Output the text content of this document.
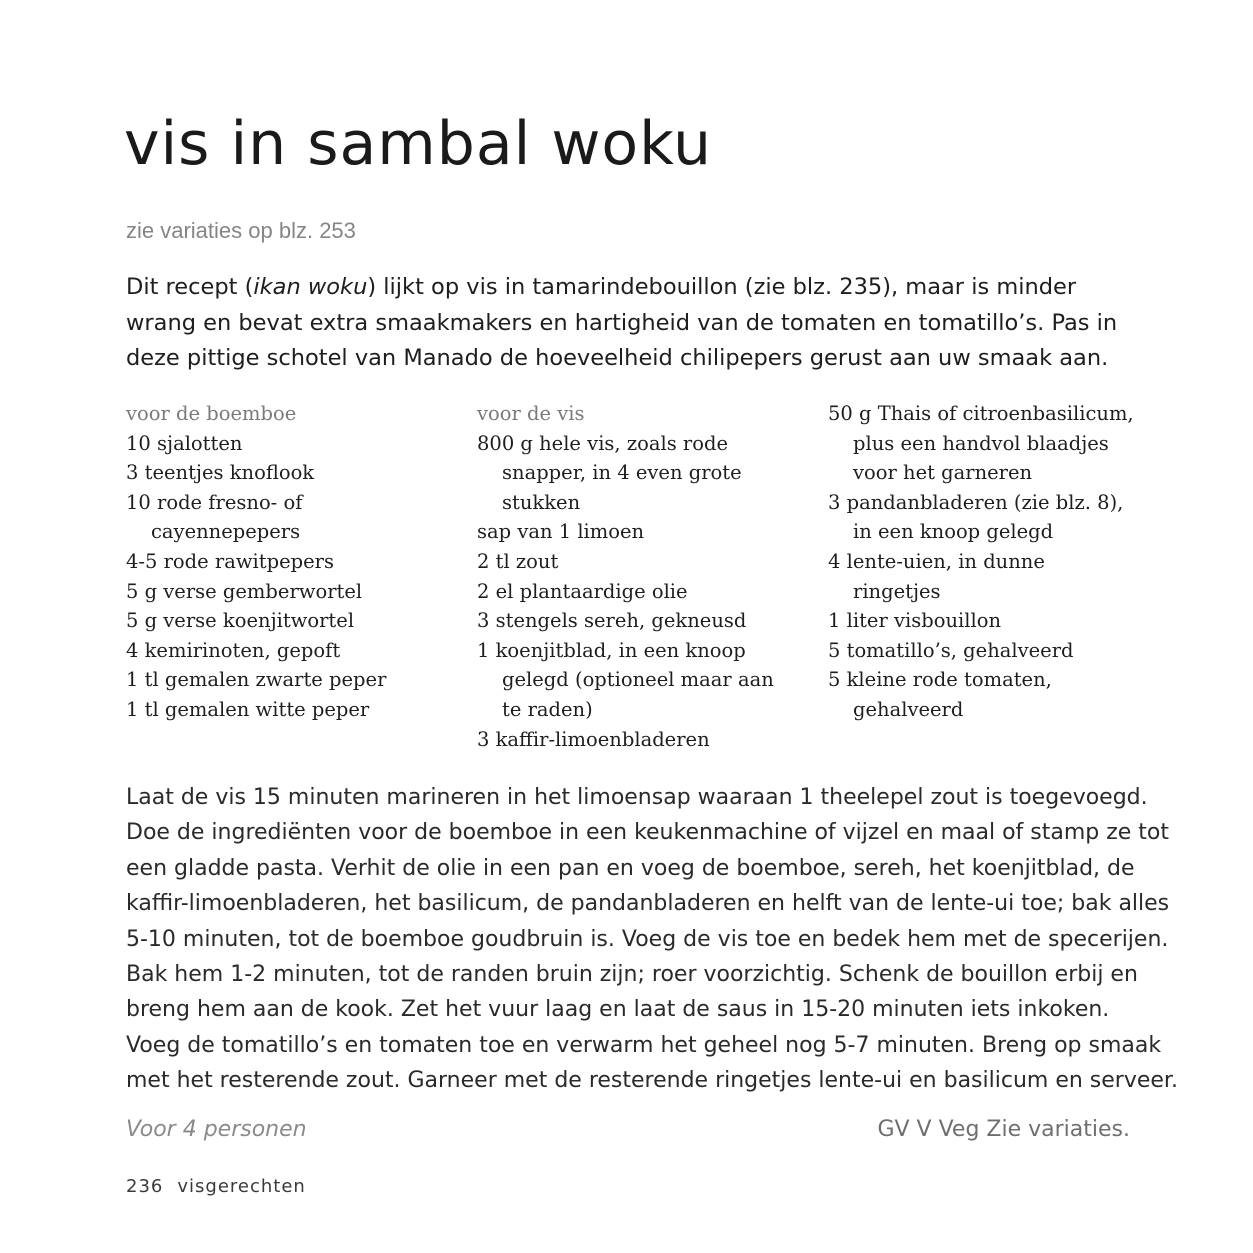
vis in sambal woku

zie variaties op blz. 253

Dit recept (ikan woku) lijkt op vis in tamarindebouillon (zie blz. 235), maar is minder
wrang en bevat extra smaakmakers en hartigheid van de tomaten en tomatillo’s. Pas in
deze pittige schotel van Manado de hoeveelheid chilipepers gerust aan uw smaak aan.

voor de boemboe
10 sjalotten
3 teentjes knoflook
10 rode fresno- of
cayennepepers
4-5 rode rawitpepers
5 g verse gemberwortel
5 g verse koenjitwortel
4 kemirinoten, gepoft
1 tl gemalen zwarte peper
1 tl gemalen witte peper
voor de vis
800 g hele vis, zoals rode
snapper, in 4 even grote
stukken
sap van 1 limoen
2 tl zout
2 el plantaardige olie
3 stengels sereh, gekneusd
1 koenjitblad, in een knoop
gelegd (optioneel maar aan
te raden)
3 kaffir-limoenbladeren
50 g Thais of citroenbasilicum,
plus een handvol blaadjes
voor het garneren
3 pandanbladeren (zie blz. 8),
in een knoop gelegd
4 lente-uien, in dunne
ringetjes
1 liter visbouillon
5 tomatillo’s, gehalveerd
5 kleine rode tomaten,
gehalveerd

Laat de vis 15 minuten marineren in het limoensap waaraan 1 theelepel zout is toegevoegd.
Doe de ingrediënten voor de boemboe in een keukenmachine of vijzel en maal of stamp ze tot
een gladde pasta. Verhit de olie in een pan en voeg de boemboe, sereh, het koenjitblad, de
kaffir-limoenbladeren, het basilicum, de pandanbladeren en helft van de lente-ui toe; bak alles
5-10 minuten, tot de boemboe goudbruin is. Voeg de vis toe en bedek hem met de specerijen.
Bak hem 1-2 minuten, tot de randen bruin zijn; roer voorzichtig. Schenk de bouillon erbij en
breng hem aan de kook. Zet het vuur laag en laat de saus in 15-20 minuten iets inkoken.
Voeg de tomatillo’s en tomaten toe en verwarm het geheel nog 5-7 minuten. Breng op smaak
met het resterende zout. Garneer met de resterende ringetjes lente-ui en basilicum en serveer.

Voor 4 personen	GV V Veg Zie variaties.

236 visgerechten
